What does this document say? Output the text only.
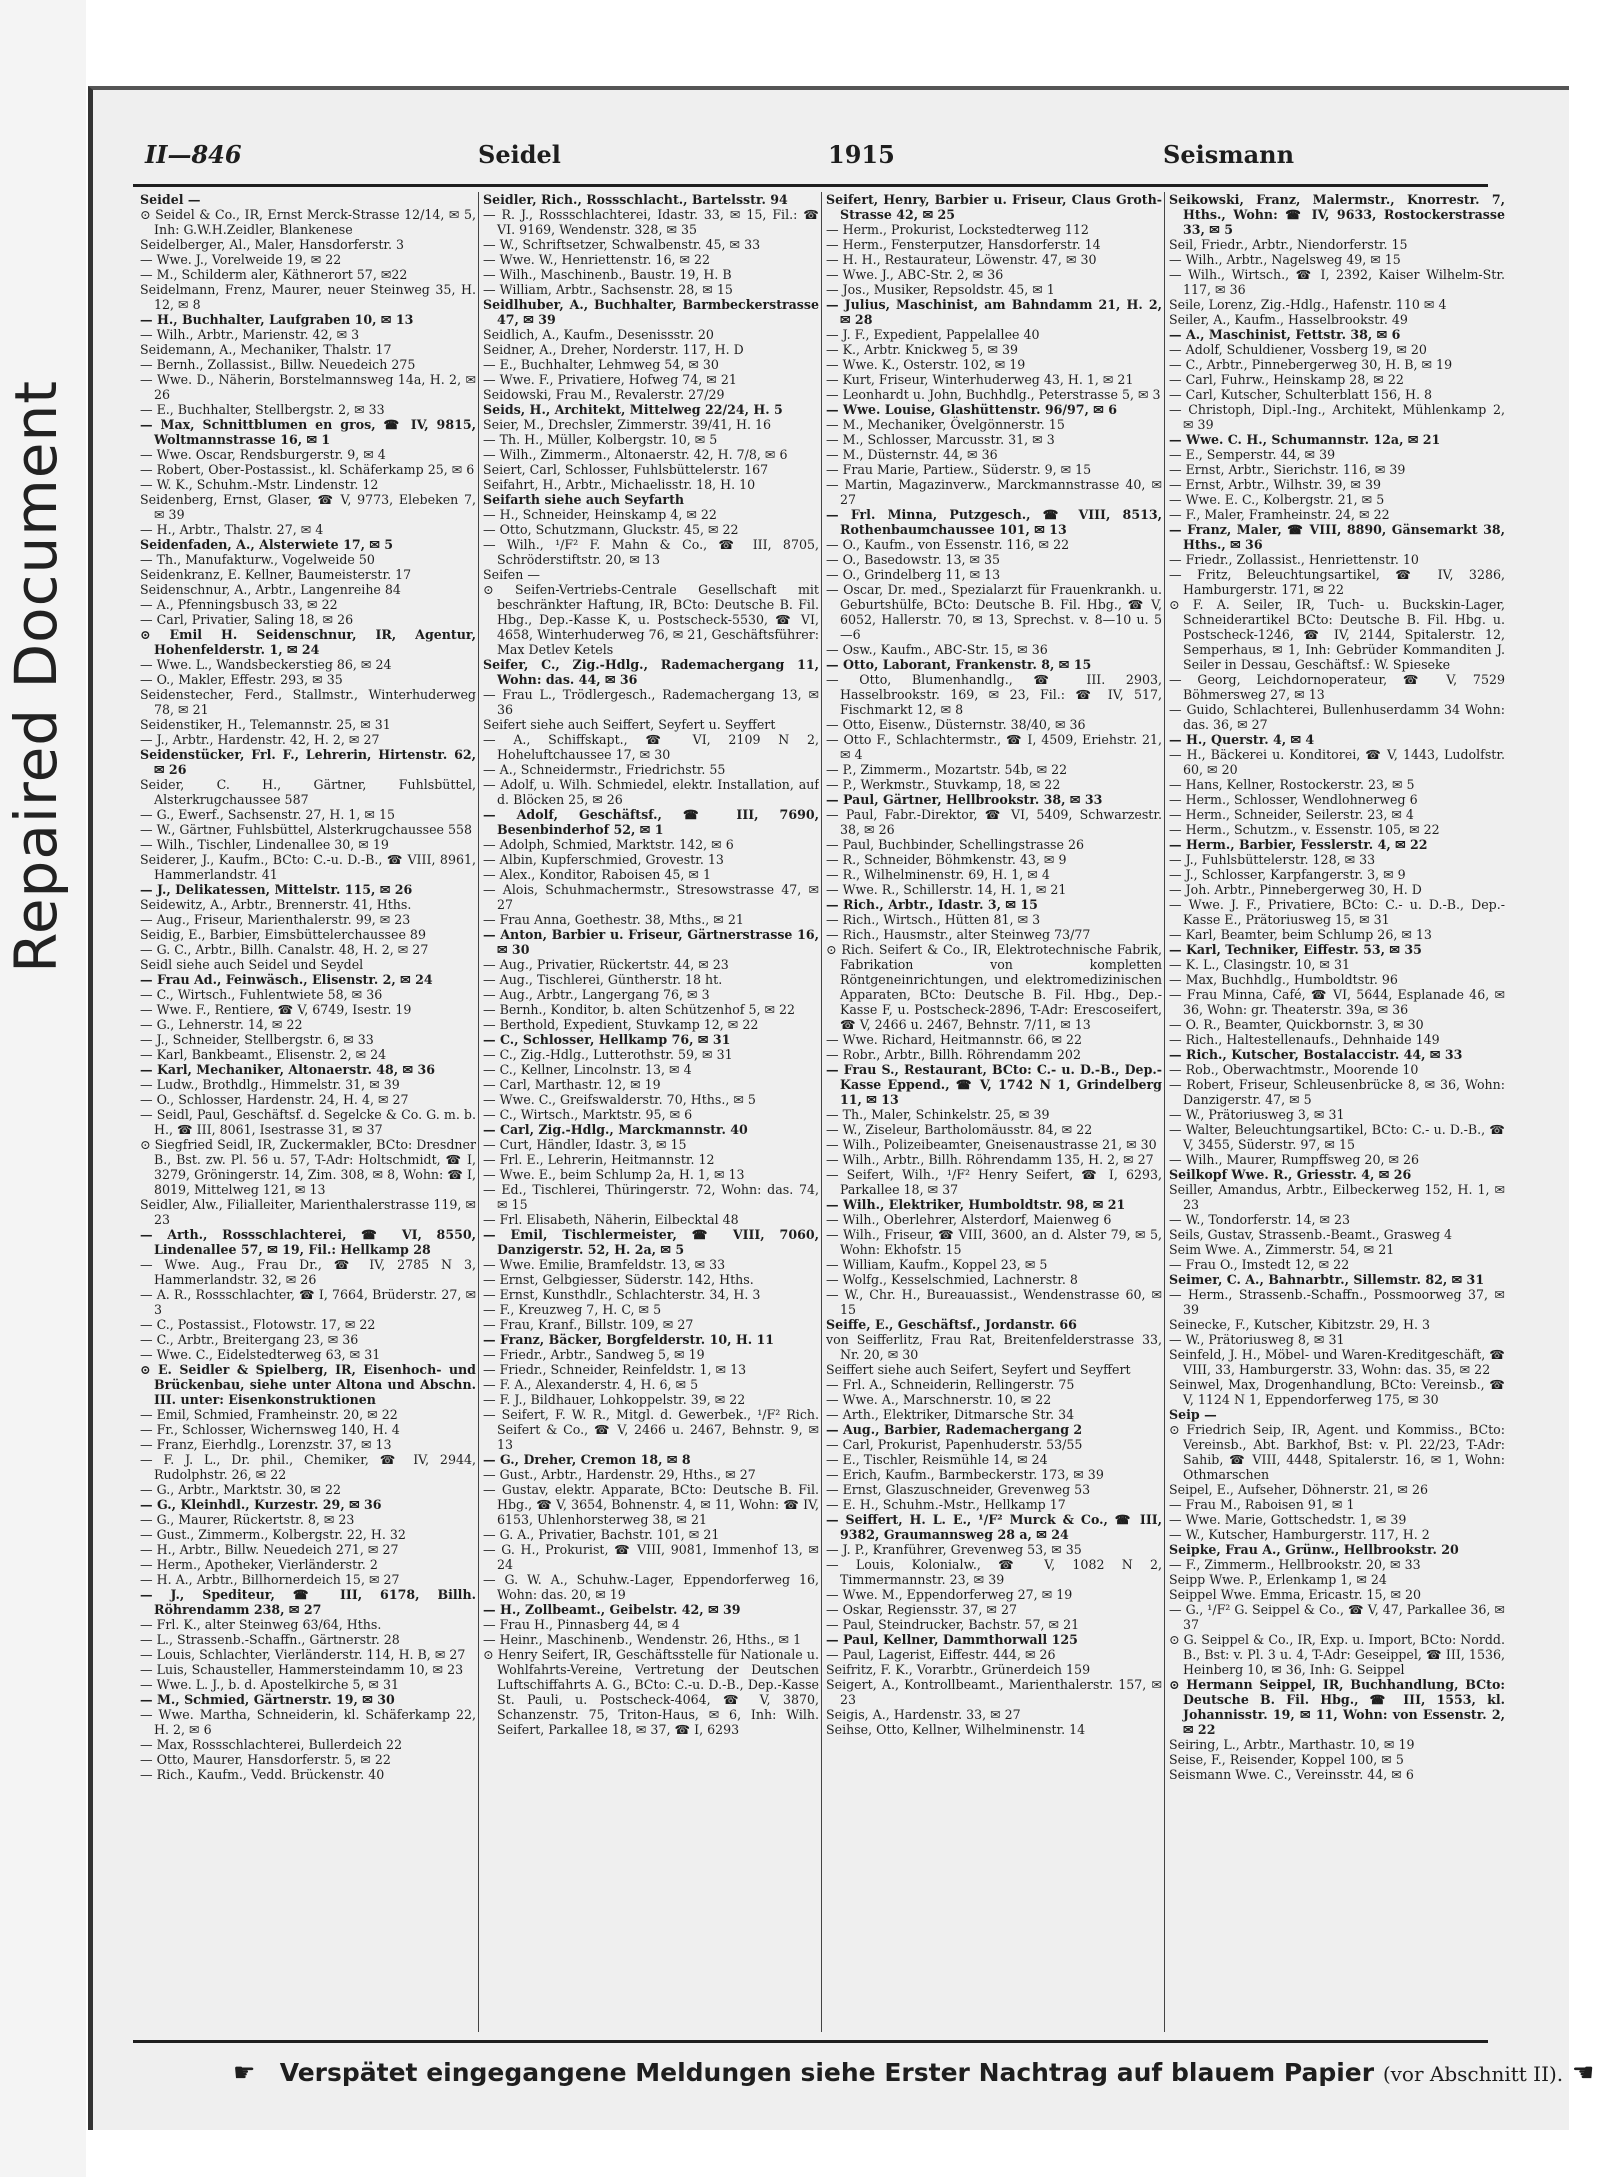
Repaired Document
II—846	Seidel	1915	Seismann

Seidel —

⊙ Seidel & Co., IR, Ernst Merck-Strasse 12/14, ✉ 5, Inh: G.W.H.Zeidler, Blankenese

Seidelberger, Al., Maler, Hansdorferstr. 3

— Wwe. J., Vorelweide 19, ✉ 22

— M., Schilderm aler, Käthnerort 57, ✉22

Seidelmann, Frenz, Maurer, neuer Steinweg 35, H. 12, ✉ 8

— H., Buchhalter, Laufgraben 10, ✉ 13

— Wilh., Arbtr., Marienstr. 42, ✉ 3

Seidemann, A., Mechaniker, Thalstr. 17

— Bernh., Zollassist., Billw. Neuedeich 275

— Wwe. D., Näherin, Borstelmannsweg 14a, H. 2, ✉ 26

— E., Buchhalter, Stellbergstr. 2, ✉ 33

— Max, Schnittblumen en gros, ☎ IV, 9815, Woltmannstrasse 16, ✉ 1

— Wwe. Oscar, Rendsburgerstr. 9, ✉ 4

— Robert, Ober-Postassist., kl. Schäferkamp 25, ✉ 6

— W. K., Schuhm.-Mstr. Lindenstr. 12

Seidenberg, Ernst, Glaser, ☎ V, 9773, Elebeken 7, ✉ 39

— H., Arbtr., Thalstr. 27, ✉ 4

Seidenfaden, A., Alsterwiete 17, ✉ 5

— Th., Manufakturw., Vogelweide 50

Seidenkranz, E. Kellner, Baumeisterstr. 17

Seidenschnur, A., Arbtr., Langenreihe 84

— A., Pfenningsbusch 33, ✉ 22

— Carl, Privatier, Saling 18, ✉ 26

⊙ Emil H. Seidenschnur, IR, Agentur, Hohenfelderstr. 1, ✉ 24

— Wwe. L., Wandsbeckerstieg 86, ✉ 24

— O., Makler, Effestr. 293, ✉ 35

Seidenstecher, Ferd., Stallmstr., Winterhuderweg 78, ✉ 21

Seidenstiker, H., Telemannstr. 25, ✉ 31

— J., Arbtr., Hardenstr. 42, H. 2, ✉ 27

Seidenstücker, Frl. F., Lehrerin, Hirtenstr. 62, ✉ 26

Seider, C. H., Gärtner, Fuhlsbüttel, Alsterkrugchaussee 587

— G., Ewerf., Sachsenstr. 27, H. 1, ✉ 15

— W., Gärtner, Fuhlsbüttel, Alsterkrugchaussee 558

— Wilh., Tischler, Lindenallee 30, ✉ 19

Seiderer, J., Kaufm., BCto: C.-u. D.-B., ☎ VIII, 8961, Hammerlandstr. 41

— J., Delikatessen, Mittelstr. 115, ✉ 26

Seidewitz, A., Arbtr., Brennerstr. 41, Hths.

— Aug., Friseur, Marienthalerstr. 99, ✉ 23

Seidig, E., Barbier, Eimsbüttelerchaussee 89

— G. C., Arbtr., Billh. Canalstr. 48, H. 2, ✉ 27

Seidl siehe auch Seidel und Seydel

— Frau Ad., Feinwäsch., Elisenstr. 2, ✉ 24

— C., Wirtsch., Fuhlentwiete 58, ✉ 36

— Wwe. F., Rentiere, ☎ V, 6749, Isestr. 19

— G., Lehnerstr. 14, ✉ 22

— J., Schneider, Stellbergstr. 6, ✉ 33

— Karl, Bankbeamt., Elisenstr. 2, ✉ 24

— Karl, Mechaniker, Altonaerstr. 48, ✉ 36

— Ludw., Brothdlg., Himmelstr. 31, ✉ 39

— O., Schlosser, Hardenstr. 24, H. 4, ✉ 27

— Seidl, Paul, Geschäftsf. d. Segelcke & Co. G. m. b. H., ☎ III, 8061, Isestrasse 31, ✉ 37

⊙ Siegfried Seidl, IR, Zuckermakler, BCto: Dresdner B., Bst. zw. Pl. 56 u. 57, T-Adr: Holtschmidt, ☎ I, 3279, Gröningerstr. 14, Zim. 308, ✉ 8, Wohn: ☎ I, 8019, Mittelweg 121, ✉ 13

Seidler, Alw., Filialleiter, Marienthalerstrasse 119, ✉ 23

— Arth., Rossschlachterei, ☎ VI, 8550, Lindenallee 57, ✉ 19, Fil.: Hellkamp 28

— Wwe. Aug., Frau Dr., ☎ IV, 2785 N 3, Hammerlandstr. 32, ✉ 26

— A. R., Rossschlachter, ☎ I, 7664, Brüderstr. 27, ✉ 3

— C., Postassist., Flotowstr. 17, ✉ 22

— C., Arbtr., Breitergang 23, ✉ 36

— Wwe. C., Eidelstedterweg 63, ✉ 31

⊙ E. Seidler & Spielberg, IR, Eisenhoch- und Brückenbau, siehe unter Altona und Abschn. III. unter: Eisenkonstruktionen

— Emil, Schmied, Framheinstr. 20, ✉ 22

— Fr., Schlosser, Wichernsweg 140, H. 4

— Franz, Eierhdlg., Lorenzstr. 37, ✉ 13

— F. J. L., Dr. phil., Chemiker, ☎ IV, 2944, Rudolphstr. 26, ✉ 22

— G., Arbtr., Marktstr. 30, ✉ 22

— G., Kleinhdl., Kurzestr. 29, ✉ 36

— G., Maurer, Rückertstr. 8, ✉ 23

— Gust., Zimmerm., Kolbergstr. 22, H. 32

— H., Arbtr., Billw. Neuedeich 271, ✉ 27

— Herm., Apotheker, Vierländerstr. 2

— H. A., Arbtr., Billhornerdeich 15, ✉ 27

— J., Spediteur, ☎ III, 6178, Billh. Röhrendamm 238, ✉ 27

— Frl. K., alter Steinweg 63/64, Hths.

— L., Strassenb.-Schaffn., Gärtnerstr. 28

— Louis, Schlachter, Vierländerstr. 114, H. B, ✉ 27

— Luis, Schausteller, Hammersteindamm 10, ✉ 23

— Wwe. L. J., b. d. Apostelkirche 5, ✉ 31

— M., Schmied, Gärtnerstr. 19, ✉ 30

— Wwe. Martha, Schneiderin, kl. Schäferkamp 22, H. 2, ✉ 6

— Max, Rossschlachterei, Bullerdeich 22

— Otto, Maurer, Hansdorferstr. 5, ✉ 22

— Rich., Kaufm., Vedd. Brückenstr. 40

Seidler, Rich., Rossschlacht., Bartelsstr. 94

— R. J., Rossschlachterei, Idastr. 33, ✉ 15, Fil.: ☎ VI. 9169, Wendenstr. 328, ✉ 35

— W., Schriftsetzer, Schwalbenstr. 45, ✉ 33

— Wwe. W., Henriettenstr. 16, ✉ 22

— Wilh., Maschinenb., Baustr. 19, H. B

— William, Arbtr., Sachsenstr. 28, ✉ 15

Seidlhuber, A., Buchhalter, Barmbeckerstrasse 47, ✉ 39

Seidlich, A., Kaufm., Desenissstr. 20

Seidner, A., Dreher, Norderstr. 117, H. D

— E., Buchhalter, Lehmweg 54, ✉ 30

— Wwe. F., Privatiere, Hofweg 74, ✉ 21

Seidowski, Frau M., Revalerstr. 27/29

Seids, H., Architekt, Mittelweg 22/24, H. 5

Seier, M., Drechsler, Zimmerstr. 39/41, H. 16

— Th. H., Müller, Kolbergstr. 10, ✉ 5

— Wilh., Zimmerm., Altonaerstr. 42, H. 7/8, ✉ 6

Seiert, Carl, Schlosser, Fuhlsbüttelerstr. 167

Seifahrt, H., Arbtr., Michaelisstr. 18, H. 10

Seifarth siehe auch Seyfarth

— H., Schneider, Heinskamp 4, ✉ 22

— Otto, Schutzmann, Gluckstr. 45, ✉ 22

— Wilh., ¹/F² F. Mahn & Co., ☎ III, 8705, Schröderstiftstr. 20, ✉ 13

Seifen —

⊙ Seifen-Vertriebs-Centrale Gesellschaft mit beschränkter Haftung, IR, BCto: Deutsche B. Fil. Hbg., Dep.-Kasse K, u. Postscheck-5530, ☎ VI, 4658, Winterhuderweg 76, ✉ 21, Geschäftsführer: Max Detlev Ketels

Seifer, C., Zig.-Hdlg., Rademachergang 11, Wohn: das. 44, ✉ 36

— Frau L., Trödlergesch., Rademachergang 13, ✉ 36

Seifert siehe auch Seiffert, Seyfert u. Seyffert

— A., Schiffskapt., ☎ VI, 2109 N 2, Hoheluftchaussee 17, ✉ 30

— A., Schneidermstr., Friedrichstr. 55

— Adolf, u. Wilh. Schmiedel, elektr. Installation, auf d. Blöcken 25, ✉ 26

— Adolf, Geschäftsf., ☎ III, 7690, Besenbinderhof 52, ✉ 1

— Adolph, Schmied, Marktstr. 142, ✉ 6

— Albin, Kupferschmied, Grovestr. 13

— Alex., Konditor, Raboisen 45, ✉ 1

— Alois, Schuhmachermstr., Stresowstrasse 47, ✉ 27

— Frau Anna, Goethestr. 38, Mths., ✉ 21

— Anton, Barbier u. Friseur, Gärtnerstrasse 16, ✉ 30

— Aug., Privatier, Rückertstr. 44, ✉ 23

— Aug., Tischlerei, Güntherstr. 18 ht.

— Aug., Arbtr., Langergang 76, ✉ 3

— Bernh., Konditor, b. alten Schützenhof 5, ✉ 22

— Berthold, Expedient, Stuvkamp 12, ✉ 22

— C., Schlosser, Hellkamp 76, ✉ 31

— C., Zig.-Hdlg., Lutterothstr. 59, ✉ 31

— C., Kellner, Lincolnstr. 13, ✉ 4

— Carl, Marthastr. 12, ✉ 19

— Wwe. C., Greifswalderstr. 70, Hths., ✉ 5

— C., Wirtsch., Marktstr. 95, ✉ 6

— Carl, Zig.-Hdlg., Marckmannstr. 40

— Curt, Händler, Idastr. 3, ✉ 15

— Frl. E., Lehrerin, Heitmannstr. 12

— Wwe. E., beim Schlump 2a, H. 1, ✉ 13

— Ed., Tischlerei, Thüringerstr. 72, Wohn: das. 74, ✉ 15

— Frl. Elisabeth, Näherin, Eilbecktal 48

— Emil, Tischlermeister, ☎ VIII, 7060, Danzigerstr. 52, H. 2a, ✉ 5

— Wwe. Emilie, Bramfeldstr. 13, ✉ 33

— Ernst, Gelbgiesser, Süderstr. 142, Hths.

— Ernst, Kunsthdlr., Schlachterstr. 34, H. 3

— F., Kreuzweg 7, H. C, ✉ 5

— Frau, Kranf., Billstr. 109, ✉ 27

— Franz, Bäcker, Borgfelderstr. 10, H. 11

— Friedr., Arbtr., Sandweg 5, ✉ 19

— Friedr., Schneider, Reinfeldstr. 1, ✉ 13

— F. A., Alexanderstr. 4, H. 6, ✉ 5

— F. J., Bildhauer, Lohkoppelstr. 39, ✉ 22

— Seifert, F. W. R., Mitgl. d. Gewerbek., ¹/F² Rich. Seifert & Co., ☎ V, 2466 u. 2467, Behnstr. 9, ✉ 13

— G., Dreher, Cremon 18, ✉ 8

— Gust., Arbtr., Hardenstr. 29, Hths., ✉ 27

— Gustav, elektr. Apparate, BCto: Deutsche B. Fil. Hbg., ☎ V, 3654, Bohnenstr. 4, ✉ 11, Wohn: ☎ IV, 6153, Uhlenhorsterweg 38, ✉ 21

— G. A., Privatier, Bachstr. 101, ✉ 21

— G. H., Prokurist, ☎ VIII, 9081, Immenhof 13, ✉ 24

— G. W. A., Schuhw.-Lager, Eppendorferweg 16, Wohn: das. 20, ✉ 19

— H., Zollbeamt., Geibelstr. 42, ✉ 39

— Frau H., Pinnasberg 44, ✉ 4

— Heinr., Maschinenb., Wendenstr. 26, Hths., ✉ 1

⊙ Henry Seifert, IR, Geschäftsstelle für Nationale u. Wohlfahrts-Vereine, Vertretung der Deutschen Luftschiffahrts A. G., BCto: C.-u. D.-B., Dep.-Kasse St. Pauli, u. Postscheck-4064, ☎ V, 3870, Schanzenstr. 75, Triton-Haus, ✉ 6, Inh: Wilh. Seifert, Parkallee 18, ✉ 37, ☎ I, 6293

Seifert, Henry, Barbier u. Friseur, Claus Groth-Strasse 42, ✉ 25

— Herm., Prokurist, Lockstedterweg 112

— Herm., Fensterputzer, Hansdorferstr. 14

— H. H., Restaurateur, Löwenstr. 47, ✉ 30

— Wwe. J., ABC-Str. 2, ✉ 36

— Jos., Musiker, Repsoldstr. 45, ✉ 1

— Julius, Maschinist, am Bahndamm 21, H. 2, ✉ 28

— J. F., Expedient, Pappelallee 40

— K., Arbtr. Knickweg 5, ✉ 39

— Wwe. K., Osterstr. 102, ✉ 19

— Kurt, Friseur, Winterhuderweg 43, H. 1, ✉ 21

— Leonhardt u. John, Buchhdlg., Peterstrasse 5, ✉ 3

— Wwe. Louise, Glashüttenstr. 96/97, ✉ 6

— M., Mechaniker, Övelgönnerstr. 15

— M., Schlosser, Marcusstr. 31, ✉ 3

— M., Düsternstr. 44, ✉ 36

— Frau Marie, Partiew., Süderstr. 9, ✉ 15

— Martin, Magazinverw., Marckmannstrasse 40, ✉ 27

— Frl. Minna, Putzgesch., ☎ VIII, 8513, Rothenbaumchaussee 101, ✉ 13

— O., Kaufm., von Essenstr. 116, ✉ 22

— O., Basedowstr. 13, ✉ 35

— O., Grindelberg 11, ✉ 13

— Oscar, Dr. med., Spezialarzt für Frauenkrankh. u. Geburtshülfe, BCto: Deutsche B. Fil. Hbg., ☎ V, 6052, Hallerstr. 70, ✉ 13, Sprechst. v. 8—10 u. 5—6

— Osw., Kaufm., ABC-Str. 15, ✉ 36

— Otto, Laborant, Frankenstr. 8, ✉ 15

— Otto, Blumenhandlg., ☎ III. 2903, Hasselbrookstr. 169, ✉ 23, Fil.: ☎ IV, 517, Fischmarkt 12, ✉ 8

— Otto, Eisenw., Düsternstr. 38/40, ✉ 36

— Otto F., Schlachtermstr., ☎ I, 4509, Eriehstr. 21, ✉ 4

— P., Zimmerm., Mozartstr. 54b, ✉ 22

— P., Werkmstr., Stuvkamp, 18, ✉ 22

— Paul, Gärtner, Hellbrookstr. 38, ✉ 33

— Paul, Fabr.-Direktor, ☎ VI, 5409, Schwarzestr. 38, ✉ 26

— Paul, Buchbinder, Schellingstrasse 26

— R., Schneider, Böhmkenstr. 43, ✉ 9

— R., Wilhelminenstr. 69, H. 1, ✉ 4

— Wwe. R., Schillerstr. 14, H. 1, ✉ 21

— Rich., Arbtr., Idastr. 3, ✉ 15

— Rich., Wirtsch., Hütten 81, ✉ 3

— Rich., Hausmstr., alter Steinweg 73/77

⊙ Rich. Seifert & Co., IR, Elektrotechnische Fabrik, Fabrikation von kompletten Röntgeneinrichtungen, und elektromedizinischen Apparaten, BCto: Deutsche B. Fil. Hbg., Dep.-Kasse F, u. Postscheck-2896, T-Adr: Erescoseifert, ☎ V, 2466 u. 2467, Behnstr. 7/11, ✉ 13

— Wwe. Richard, Heitmannstr. 66, ✉ 22

— Robr., Arbtr., Billh. Röhrendamm 202

— Frau S., Restaurant, BCto: C.- u. D.-B., Dep.-Kasse Eppend., ☎ V, 1742 N 1, Grindelberg 11, ✉ 13

— Th., Maler, Schinkelstr. 25, ✉ 39

— W., Ziseleur, Bartholomäusstr. 84, ✉ 22

— Wilh., Polizeibeamter, Gneisenaustrasse 21, ✉ 30

— Wilh., Arbtr., Billh. Röhrendamm 135, H. 2, ✉ 27

— Seifert, Wilh., ¹/F² Henry Seifert, ☎ I, 6293, Parkallee 18, ✉ 37

— Wilh., Elektriker, Humboldtstr. 98, ✉ 21

— Wilh., Oberlehrer, Alsterdorf, Maienweg 6

— Wilh., Friseur, ☎ VIII, 3600, an d. Alster 79, ✉ 5, Wohn: Ekhofstr. 15

— William, Kaufm., Koppel 23, ✉ 5

— Wolfg., Kesselschmied, Lachnerstr. 8

— W., Chr. H., Bureauassist., Wendenstrasse 60, ✉ 15

Seiffe, E., Geschäftsf., Jordanstr. 66

von Seifferlitz, Frau Rat, Breitenfelderstrasse 33, Nr. 20, ✉ 30

Seiffert siehe auch Seifert, Seyfert und Seyffert

— Frl. A., Schneiderin, Rellingerstr. 75

— Wwe. A., Marschnerstr. 10, ✉ 22

— Arth., Elektriker, Ditmarsche Str. 34

— Aug., Barbier, Rademachergang 2

— Carl, Prokurist, Papenhuderstr. 53/55

— E., Tischler, Reismühle 14, ✉ 24

— Erich, Kaufm., Barmbeckerstr. 173, ✉ 39

— Ernst, Glaszuschneider, Grevenweg 53

— E. H., Schuhm.-Mstr., Hellkamp 17

— Seiffert, H. L. E., ¹/F² Murck & Co., ☎ III, 9382, Graumannsweg 28 a, ✉ 24

— J. P., Kranführer, Grevenweg 53, ✉ 35

— Louis, Kolonialw., ☎ V, 1082 N 2, Timmermannstr. 23, ✉ 39

— Wwe. M., Eppendorferweg 27, ✉ 19

— Oskar, Regiensstr. 37, ✉ 27

— Paul, Steindrucker, Bachstr. 57, ✉ 21

— Paul, Kellner, Dammthorwall 125

— Paul, Lagerist, Eiffestr. 444, ✉ 26

Seifritz, F. K., Vorarbtr., Grünerdeich 159

Seigert, A., Kontrollbeamt., Marienthalerstr. 157, ✉ 23

Seigis, A., Hardenstr. 33, ✉ 27

Seihse, Otto, Kellner, Wilhelminenstr. 14

Seikowski, Franz, Malermstr., Knorrestr. 7, Hths., Wohn: ☎ IV, 9633, Rostockerstrasse 33, ✉ 5

Seil, Friedr., Arbtr., Niendorferstr. 15

— Wilh., Arbtr., Nagelsweg 49, ✉ 15

— Wilh., Wirtsch., ☎ I, 2392, Kaiser Wilhelm-Str. 117, ✉ 36

Seile, Lorenz, Zig.-Hdlg., Hafenstr. 110 ✉ 4

Seiler, A., Kaufm., Hasselbrookstr. 49

— A., Maschinist, Fettstr. 38, ✉ 6

— Adolf, Schuldiener, Vossberg 19, ✉ 20

— C., Arbtr., Pinnebergerweg 30, H. B, ✉ 19

— Carl, Fuhrw., Heinskamp 28, ✉ 22

— Carl, Kutscher, Schulterblatt 156, H. 8

— Christoph, Dipl.-Ing., Architekt, Mühlenkamp 2, ✉ 39

— Wwe. C. H., Schumannstr. 12a, ✉ 21

— E., Semperstr. 44, ✉ 39

— Ernst, Arbtr., Sierichstr. 116, ✉ 39

— Ernst, Arbtr., Wilhstr. 39, ✉ 39

— Wwe. E. C., Kolbergstr. 21, ✉ 5

— F., Maler, Framheinstr. 24, ✉ 22

— Franz, Maler, ☎ VIII, 8890, Gänsemarkt 38, Hths., ✉ 36

— Friedr., Zollassist., Henriettenstr. 10

— Fritz, Beleuchtungsartikel, ☎ IV, 3286, Hamburgerstr. 171, ✉ 22

⊙ F. A. Seiler, IR, Tuch- u. Buckskin-Lager, Schneiderartikel BCto: Deutsche B. Fil. Hbg. u. Postscheck-1246, ☎ IV, 2144, Spitalerstr. 12, Semperhaus, ✉ 1, Inh: Gebrüder Kommanditen J. Seiler in Dessau, Geschäftsf.: W. Spieseke

— Georg, Leichdornoperateur, ☎ V, 7529 Böhmersweg 27, ✉ 13

— Guido, Schlachterei, Bullenhuserdamm 34 Wohn: das. 36, ✉ 27

— H., Querstr. 4, ✉ 4

— H., Bäckerei u. Konditorei, ☎ V, 1443, Ludolfstr. 60, ✉ 20

— Hans, Kellner, Rostockerstr. 23, ✉ 5

— Herm., Schlosser, Wendlohnerweg 6

— Herm., Schneider, Seilerstr. 23, ✉ 4

— Herm., Schutzm., v. Essenstr. 105, ✉ 22

— Herm., Barbier, Fesslerstr. 4, ✉ 22

— J., Fuhlsbüttelerstr. 128, ✉ 33

— J., Schlosser, Karpfangerstr. 3, ✉ 9

— Joh. Arbtr., Pinnebergerweg 30, H. D

— Wwe. J. F., Privatiere, BCto: C.- u. D.-B., Dep.-Kasse E., Prätoriusweg 15, ✉ 31

— Karl, Beamter, beim Schlump 26, ✉ 13

— Karl, Techniker, Eiffestr. 53, ✉ 35

— K. L., Clasingstr. 10, ✉ 31

— Max, Buchhdlg., Humboldtstr. 96

— Frau Minna, Café, ☎ VI, 5644, Esplanade 46, ✉ 36, Wohn: gr. Theaterstr. 39a, ✉ 36

— O. R., Beamter, Quickbornstr. 3, ✉ 30

— Rich., Haltestellenaufs., Dehnhaide 149

— Rich., Kutscher, Bostalaccistr. 44, ✉ 33

— Rob., Oberwachtmstr., Moorende 10

— Robert, Friseur, Schleusenbrücke 8, ✉ 36, Wohn: Danzigerstr. 47, ✉ 5

— W., Prätoriusweg 3, ✉ 31

— Walter, Beleuchtungsartikel, BCto: C.- u. D.-B., ☎ V, 3455, Süderstr. 97, ✉ 15

— Wilh., Maurer, Rumpffsweg 20, ✉ 26

Seilkopf Wwe. R., Griesstr. 4, ✉ 26

Seiller, Amandus, Arbtr., Eilbeckerweg 152, H. 1, ✉ 23

— W., Tondorferstr. 14, ✉ 23

Seils, Gustav, Strassenb.-Beamt., Grasweg 4

Seim Wwe. A., Zimmerstr. 54, ✉ 21

— Frau O., Imstedt 12, ✉ 22

Seimer, C. A., Bahnarbtr., Sillemstr. 82, ✉ 31

— Herm., Strassenb.-Schaffn., Possmoorweg 37, ✉ 39

Seinecke, F., Kutscher, Kibitzstr. 29, H. 3

— W., Prätoriusweg 8, ✉ 31

Seinfeld, J. H., Möbel- und Waren-Kreditgeschäft, ☎ VIII, 33, Hamburgerstr. 33, Wohn: das. 35, ✉ 22

Seinwel, Max, Drogenhandlung, BCto: Vereinsb., ☎ V, 1124 N 1, Eppendorferweg 175, ✉ 30

Seip —

⊙ Friedrich Seip, IR, Agent. und Kommiss., BCto: Vereinsb., Abt. Barkhof, Bst: v. Pl. 22/23, T-Adr: Sahib, ☎ VIII, 4448, Spitalerstr. 16, ✉ 1, Wohn: Othmarschen

Seipel, E., Aufseher, Döhnerstr. 21, ✉ 26

— Frau M., Raboisen 91, ✉ 1

— Wwe. Marie, Gottschedstr. 1, ✉ 39

— W., Kutscher, Hamburgerstr. 117, H. 2

Seipke, Frau A., Grünw., Hellbrookstr. 20

— F., Zimmerm., Hellbrookstr. 20, ✉ 33

Seipp Wwe. P., Erlenkamp 1, ✉ 24

Seippel Wwe. Emma, Ericastr. 15, ✉ 20

— G., ¹/F² G. Seippel & Co., ☎ V, 47, Parkallee 36, ✉ 37

⊙ G. Seippel & Co., IR, Exp. u. Import, BCto: Nordd. B., Bst: v. Pl. 3 u. 4, T-Adr: Geseippel, ☎ III, 1536, Heinberg 10, ✉ 36, Inh: G. Seippel

⊙ Hermann Seippel, IR, Buchhandlung, BCto: Deutsche B. Fil. Hbg., ☎ III, 1553, kl. Johannisstr. 19, ✉ 11, Wohn: von Essenstr. 2, ✉ 22

Seiring, L., Arbtr., Marthastr. 10, ✉ 19

Seise, F., Reisender, Koppel 100, ✉ 5

Seismann Wwe. C., Vereinsstr. 44, ✉ 6

☛ Verspätet eingegangene Meldungen siehe Erster Nachtrag auf blauem Papier (vor Abschnitt II). ☚
